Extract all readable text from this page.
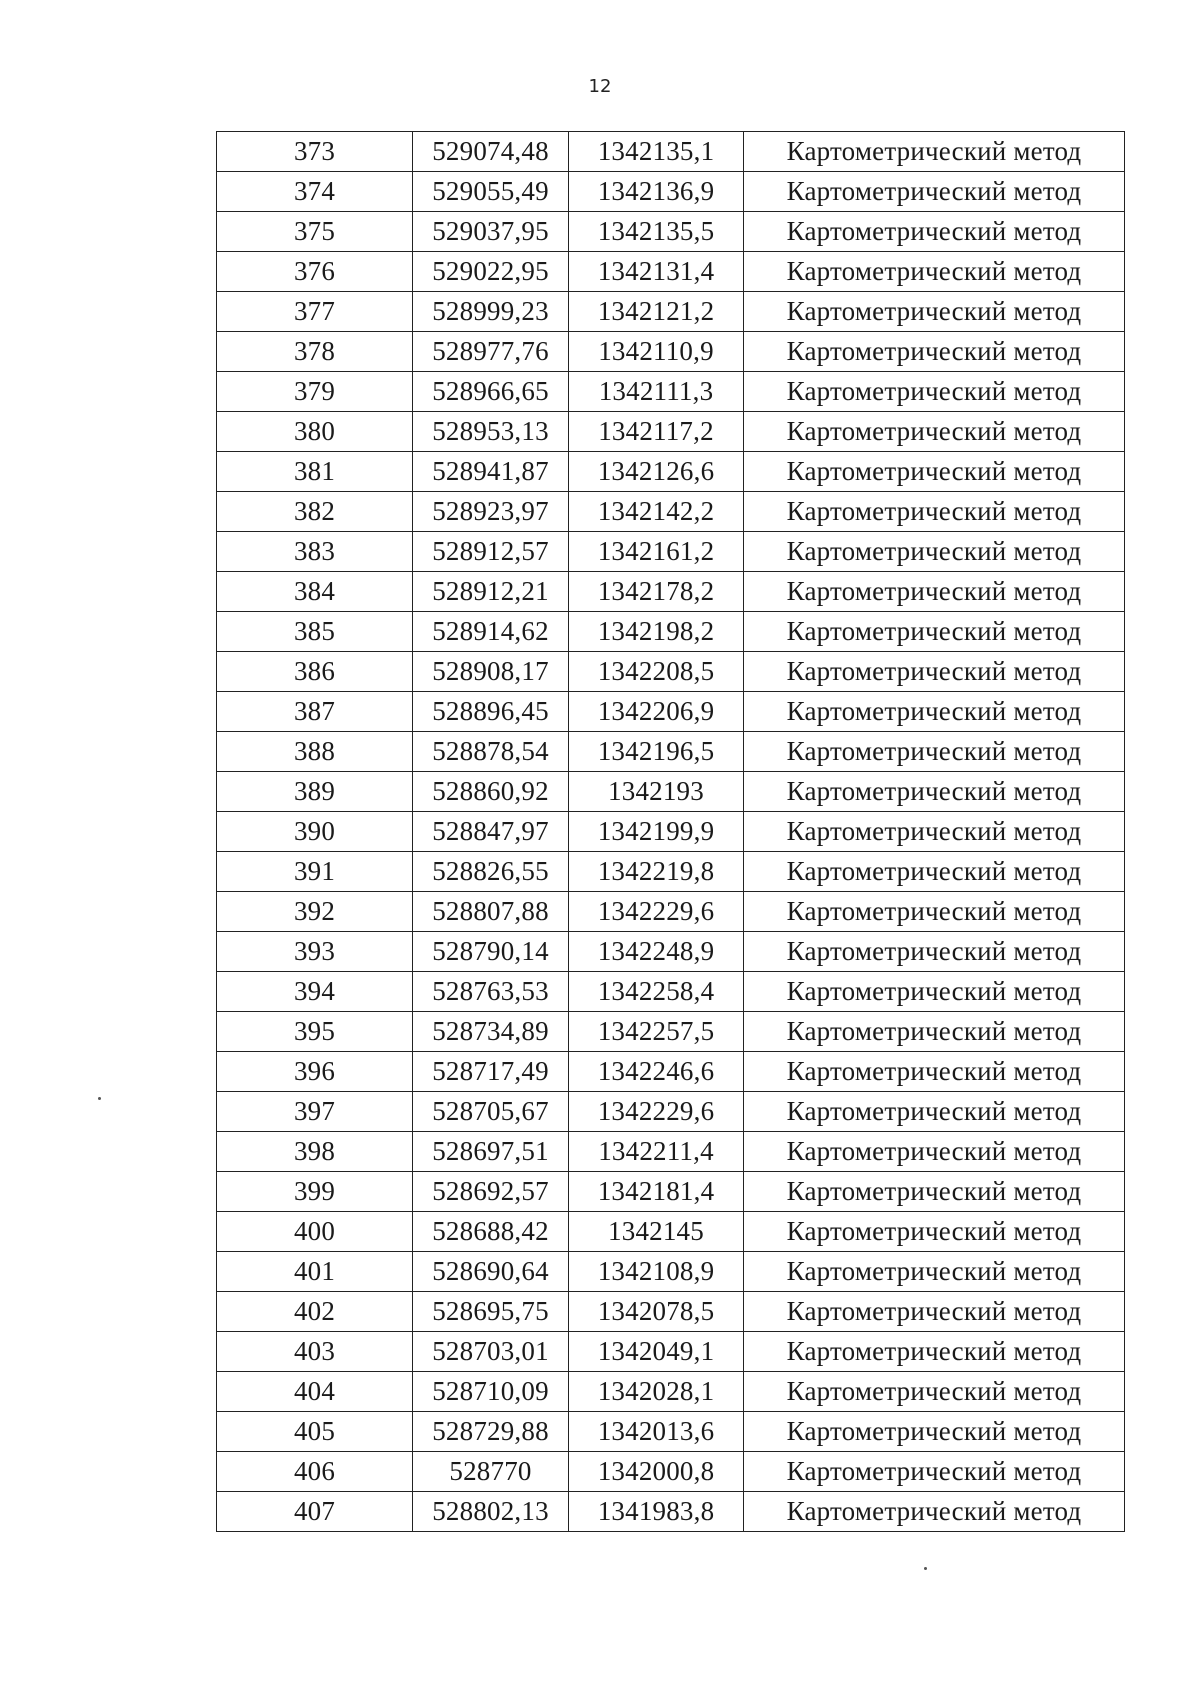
12
373	529074,48	1342135,1	Картометрический метод
374	529055,49	1342136,9	Картометрический метод
375	529037,95	1342135,5	Картометрический метод
376	529022,95	1342131,4	Картометрический метод
377	528999,23	1342121,2	Картометрический метод
378	528977,76	1342110,9	Картометрический метод
379	528966,65	1342111,3	Картометрический метод
380	528953,13	1342117,2	Картометрический метод
381	528941,87	1342126,6	Картометрический метод
382	528923,97	1342142,2	Картометрический метод
383	528912,57	1342161,2	Картометрический метод
384	528912,21	1342178,2	Картометрический метод
385	528914,62	1342198,2	Картометрический метод
386	528908,17	1342208,5	Картометрический метод
387	528896,45	1342206,9	Картометрический метод
388	528878,54	1342196,5	Картометрический метод
389	528860,92	1342193	Картометрический метод
390	528847,97	1342199,9	Картометрический метод
391	528826,55	1342219,8	Картометрический метод
392	528807,88	1342229,6	Картометрический метод
393	528790,14	1342248,9	Картометрический метод
394	528763,53	1342258,4	Картометрический метод
395	528734,89	1342257,5	Картометрический метод
396	528717,49	1342246,6	Картометрический метод
397	528705,67	1342229,6	Картометрический метод
398	528697,51	1342211,4	Картометрический метод
399	528692,57	1342181,4	Картометрический метод
400	528688,42	1342145	Картометрический метод
401	528690,64	1342108,9	Картометрический метод
402	528695,75	1342078,5	Картометрический метод
403	528703,01	1342049,1	Картометрический метод
404	528710,09	1342028,1	Картометрический метод
405	528729,88	1342013,6	Картометрический метод
406	528770	1342000,8	Картометрический метод
407	528802,13	1341983,8	Картометрический метод
